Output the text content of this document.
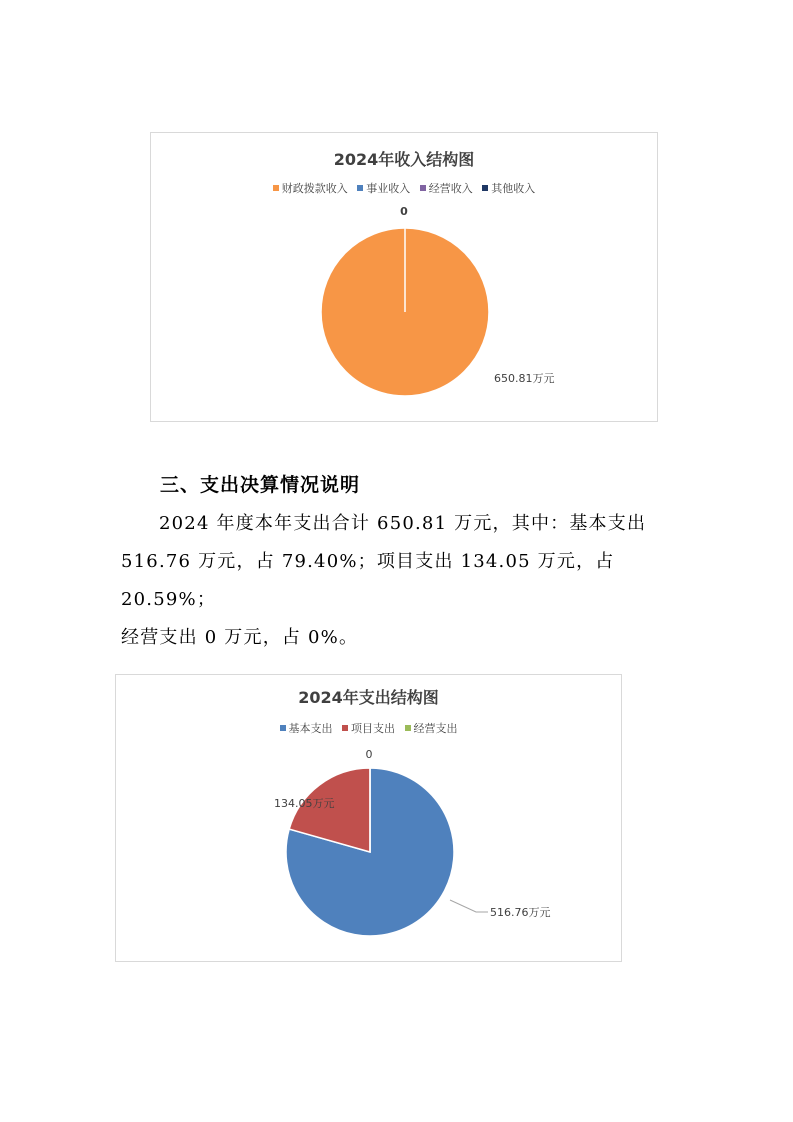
2024年收入结构图
财政拨款收入 事业收入 经营收入 其他收入
0
650.81万元
三、支出决算情况说明

2024 年度本年支出合计 650.81 万元，其中：基本支出

516.76 万元，占 79.40%；项目支出 134.05 万元，占 20.59%；

经营支出 0 万元，占 0%。

2024年支出结构图
基本支出 项目支出 经营支出
0
134.05万元
516.76万元
